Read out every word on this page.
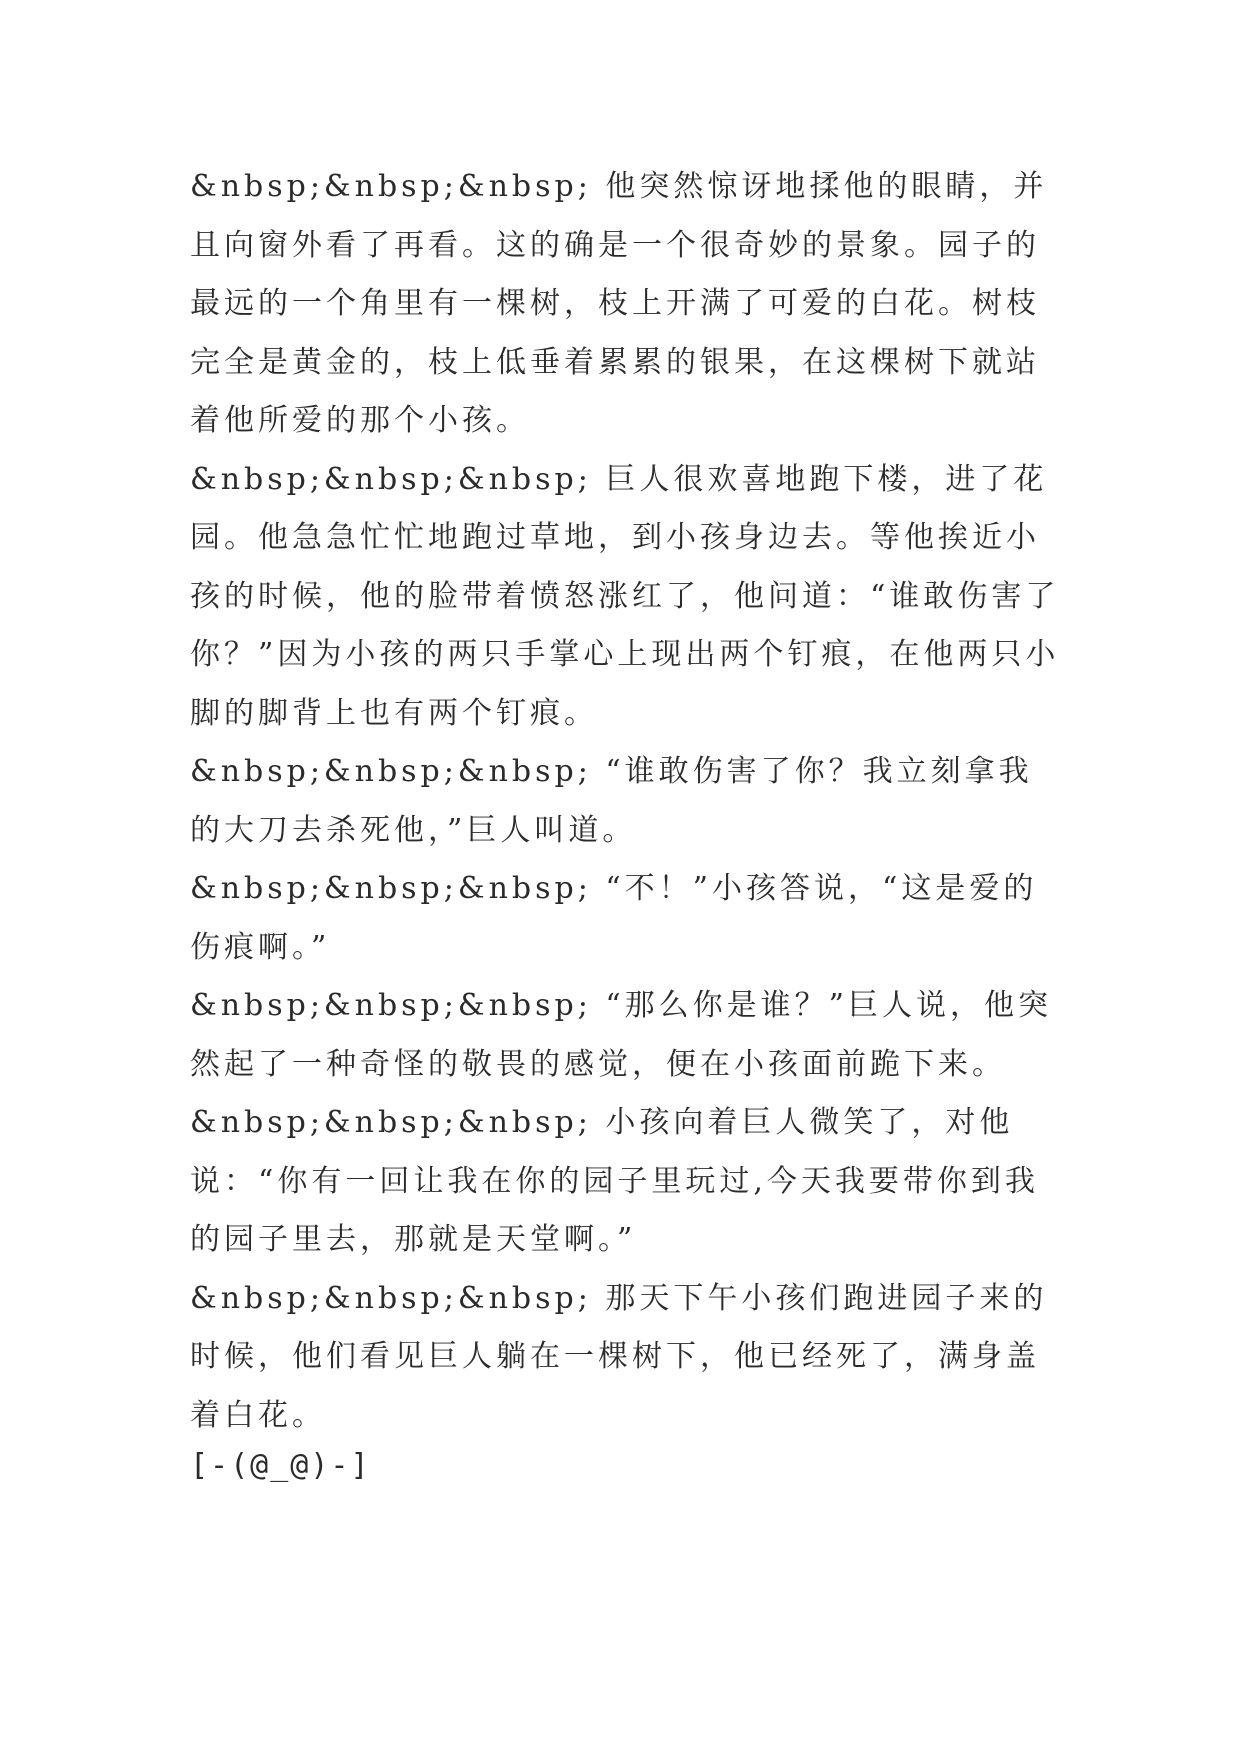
&nbsp;&nbsp;&nbsp; 他突然惊讶地揉他的眼睛，并且向窗外看了再看。这的确是一个很奇妙的景象。园子的最远的一个角里有一棵树，枝上开满了可爱的白花。树枝完全是黄金的，枝上低垂着累累的银果，在这棵树下就站着他所爱的那个小孩。

&nbsp;&nbsp;&nbsp; 巨人很欢喜地跑下楼，进了花园。他急急忙忙地跑过草地，到小孩身边去。等他挨近小孩的时候，他的脸带着愤怒涨红了，他问道：“谁敢伤害了你？”因为小孩的两只手掌心上现出两个钉痕，在他两只小脚的脚背上也有两个钉痕。

&nbsp;&nbsp;&nbsp; “谁敢伤害了你？我立刻拿我的大刀去杀死他，”巨人叫道。

&nbsp;&nbsp;&nbsp; “不！”小孩答说，“这是爱的伤痕啊。”

&nbsp;&nbsp;&nbsp; “那么你是谁？”巨人说，他突然起了一种奇怪的敬畏的感觉，便在小孩面前跪下来。

&nbsp;&nbsp;&nbsp; 小孩向着巨人微笑了，对他说：“你有一回让我在你的园子里玩过,今天我要带你到我的园子里去，那就是天堂啊。”

&nbsp;&nbsp;&nbsp; 那天下午小孩们跑进园子来的时候，他们看见巨人躺在一棵树下，他已经死了，满身盖着白花。

[-(@_@)-]
